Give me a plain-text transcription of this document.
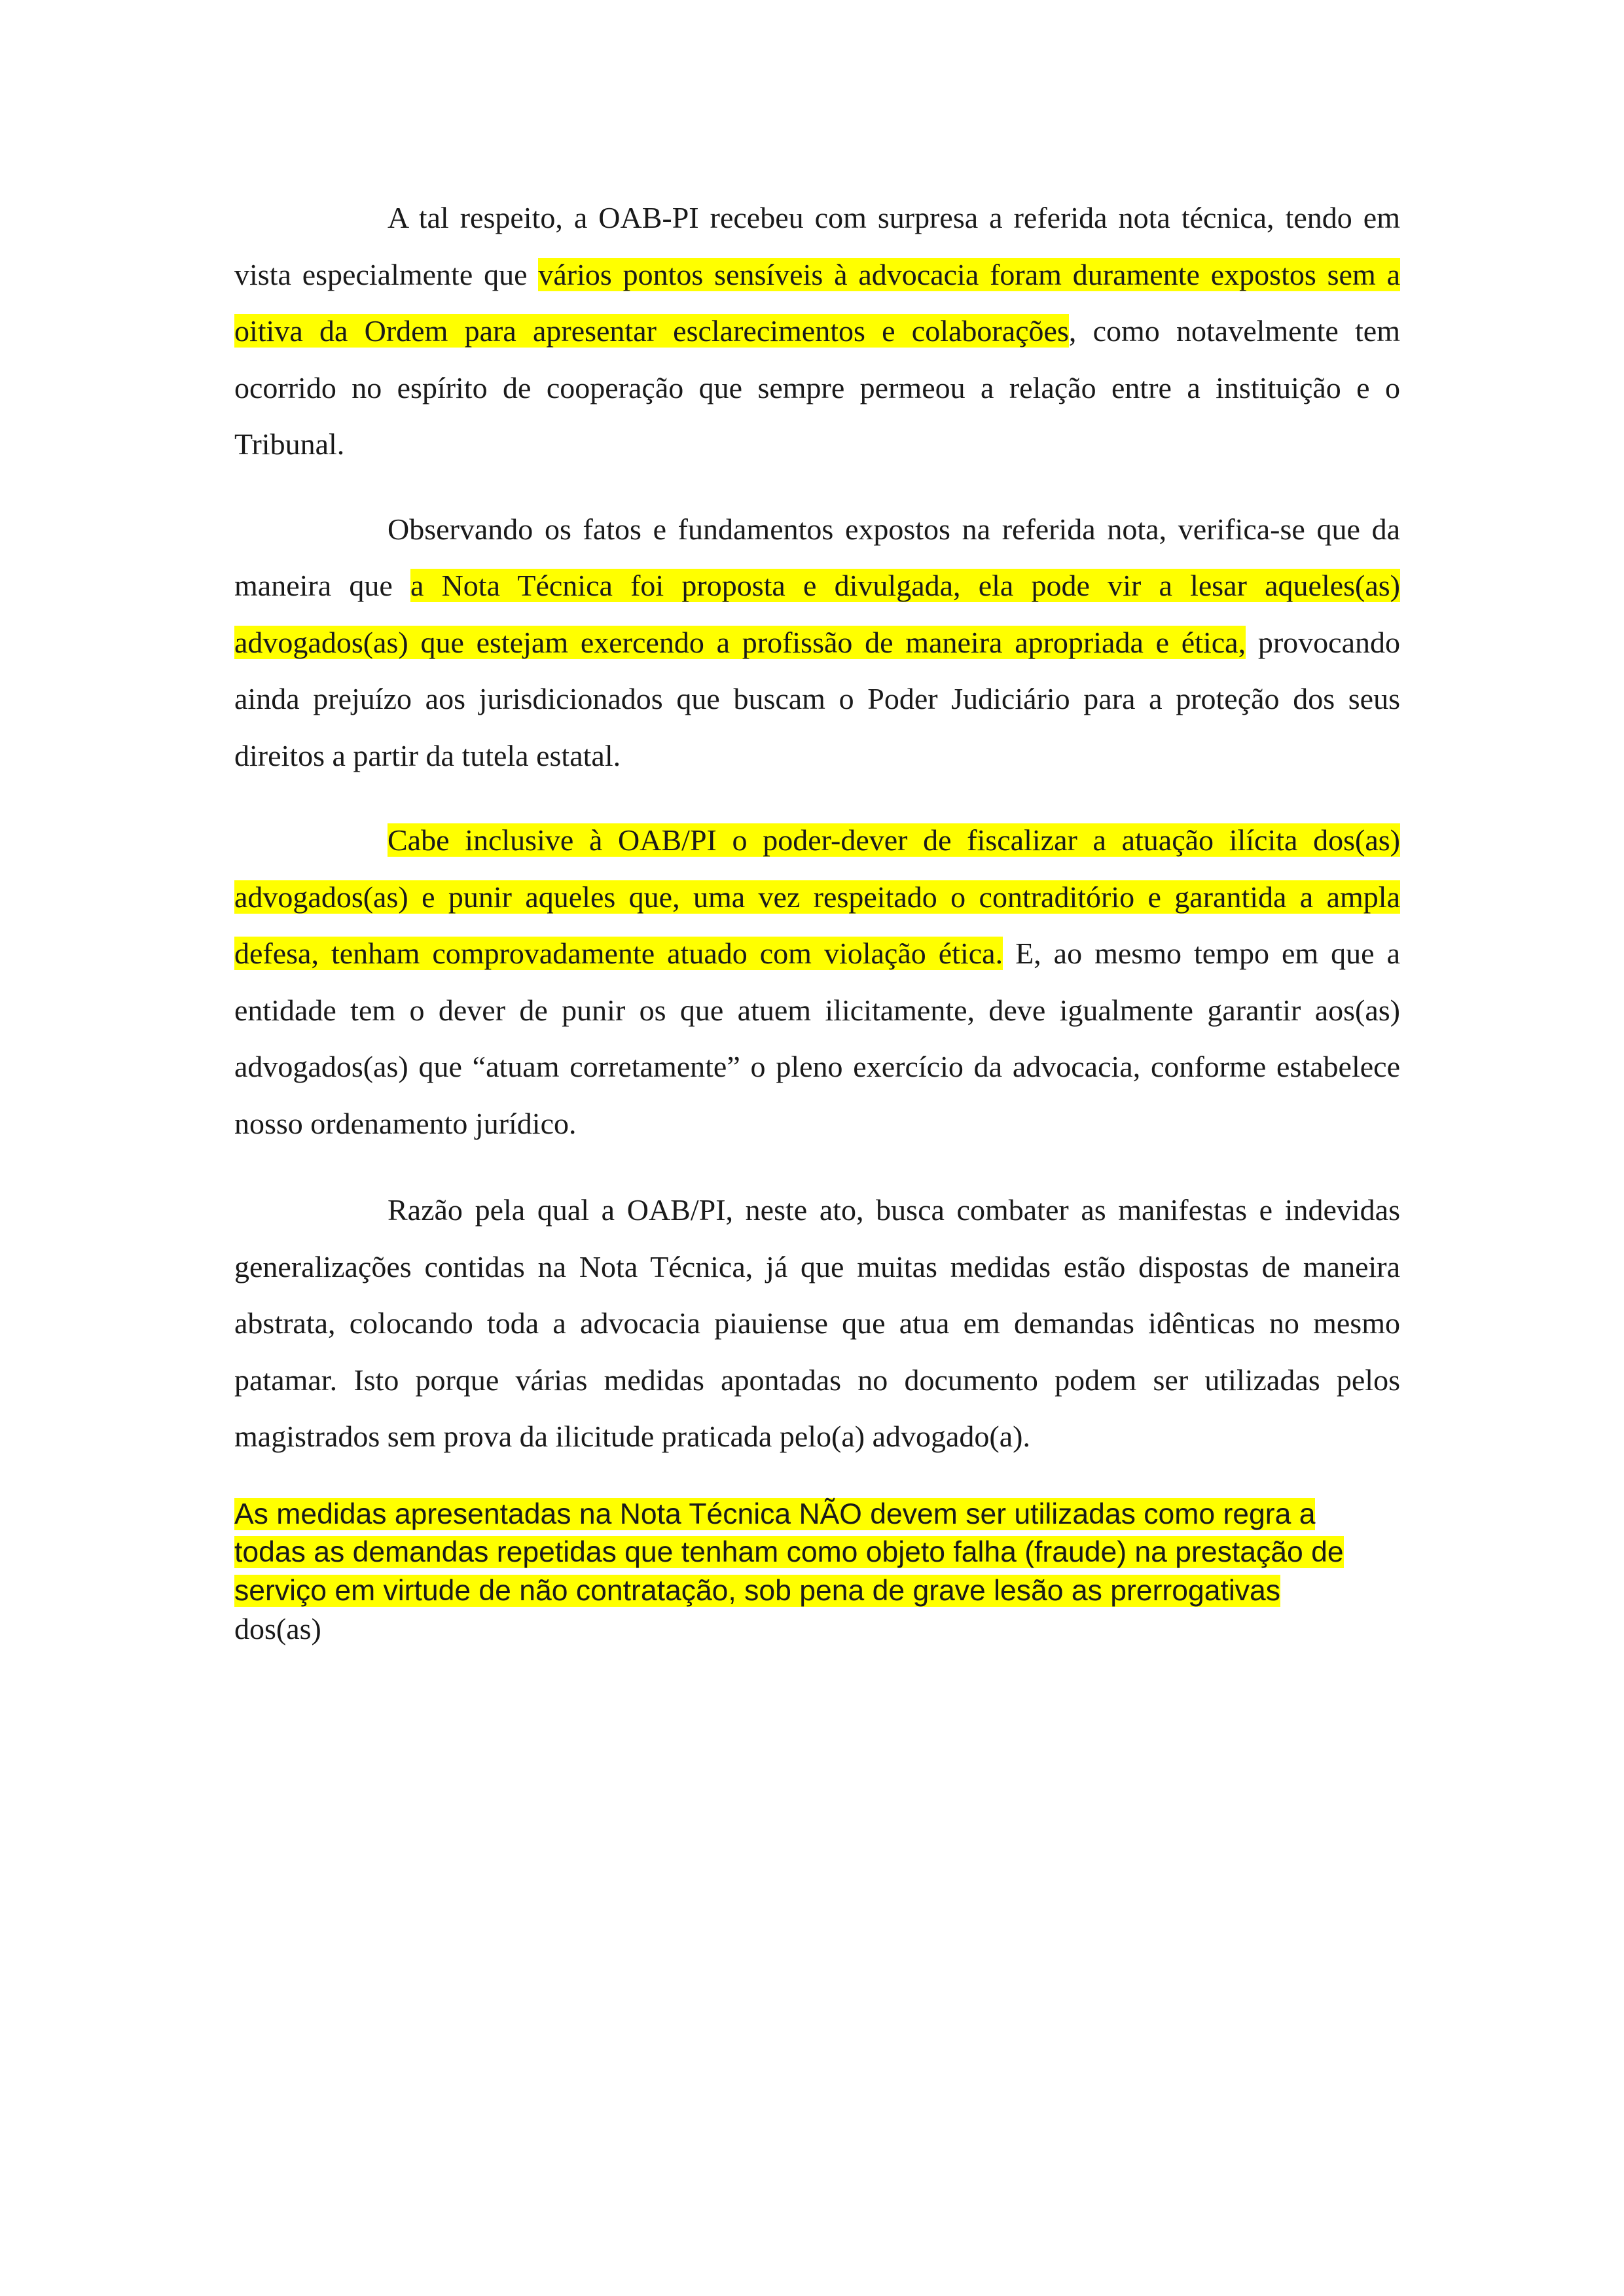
A tal respeito, a OAB-PI recebeu com surpresa a referida nota técnica, tendo em vista especialmente que vários pontos sensíveis à advocacia foram duramente expostos sem a oitiva da Ordem para apresentar esclarecimentos e colaborações, como notavelmente tem ocorrido no espírito de cooperação que sempre permeou a relação entre a instituição e o Tribunal.

Observando os fatos e fundamentos expostos na referida nota, verifica-se que da maneira que a Nota Técnica foi proposta e divulgada, ela pode vir a lesar aqueles(as) advogados(as) que estejam exercendo a profissão de maneira apropriada e ética, provocando ainda prejuízo aos jurisdicionados que buscam o Poder Judiciário para a proteção dos seus direitos a partir da tutela estatal.

Cabe inclusive à OAB/PI o poder-dever de fiscalizar a atuação ilícita dos(as) advogados(as) e punir aqueles que, uma vez respeitado o contraditório e garantida a ampla defesa, tenham comprovadamente atuado com violação ética. E, ao mesmo tempo em que a entidade tem o dever de punir os que atuem ilicitamente, deve igualmente garantir aos(as) advogados(as) que “atuam corretamente” o pleno exercício da advocacia, conforme estabelece nosso ordenamento jurídico.

Razão pela qual a OAB/PI, neste ato, busca combater as manifestas e indevidas generalizações contidas na Nota Técnica, já que muitas medidas estão dispostas de maneira abstrata, colocando toda a advocacia piauiense que atua em demandas idênticas no mesmo patamar. Isto porque várias medidas apontadas no documento podem ser utilizadas pelos magistrados sem prova da ilicitude praticada pelo(a) advogado(a).

As medidas apresentadas na Nota Técnica NÃO devem ser utilizadas como regra a todas as demandas repetidas que tenham como objeto falha (fraude) na prestação de serviço em virtude de não contratação, sob pena de grave lesão as prerrogativas dos(as)
